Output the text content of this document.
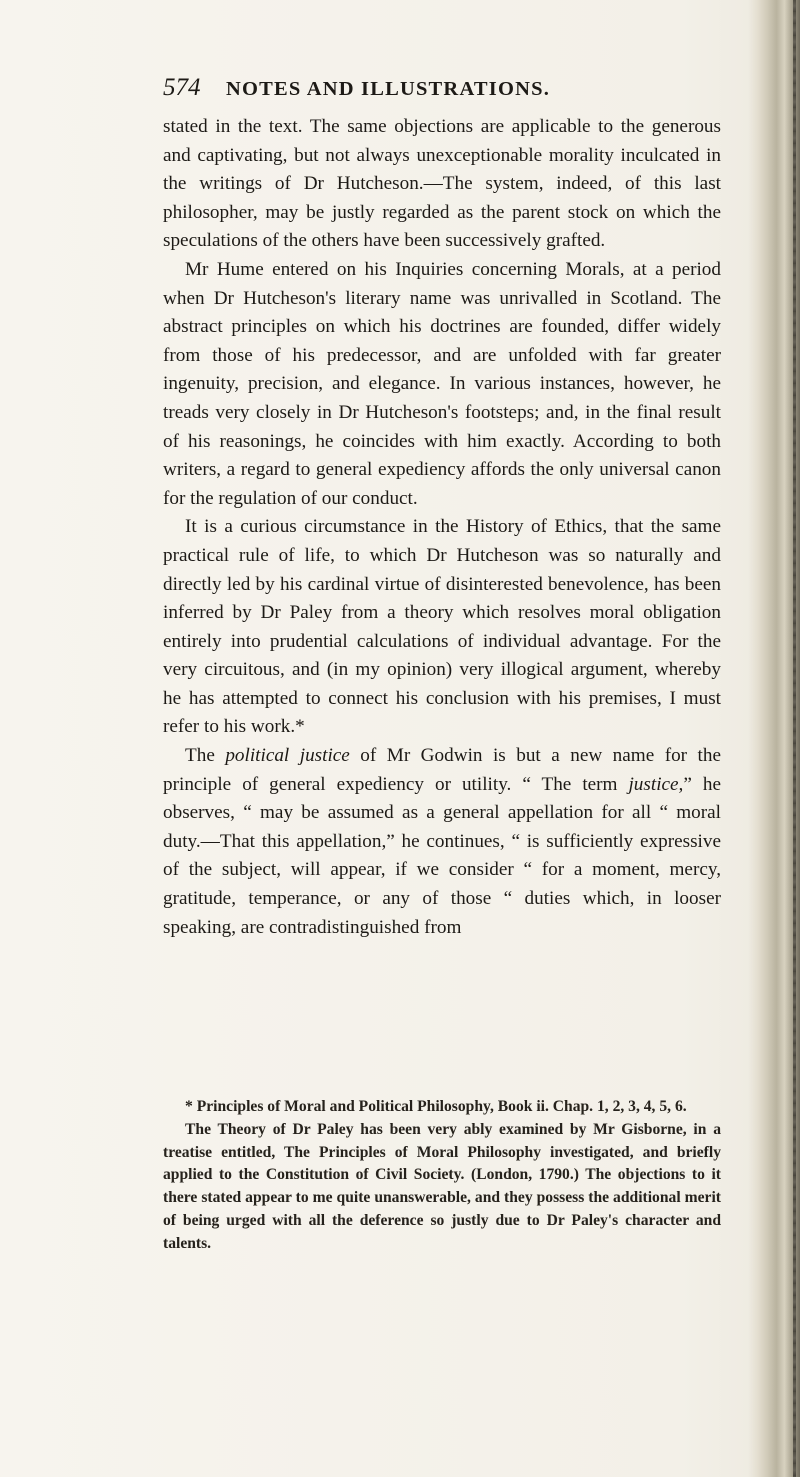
574 NOTES AND ILLUSTRATIONS.

stated in the text. The same objections are applicable to the generous and captivating, but not always unexceptionable morality inculcated in the writings of Dr Hutcheson.—The system, indeed, of this last philosopher, may be justly regarded as the parent stock on which the speculations of the others have been successively grafted.

Mr Hume entered on his Inquiries concerning Morals, at a period when Dr Hutcheson's literary name was unrivalled in Scotland. The abstract principles on which his doctrines are founded, differ widely from those of his predecessor, and are unfolded with far greater ingenuity, precision, and elegance. In various instances, however, he treads very closely in Dr Hutcheson's footsteps; and, in the final result of his reasonings, he coincides with him exactly. According to both writers, a regard to general expediency affords the only universal canon for the regulation of our conduct.

It is a curious circumstance in the History of Ethics, that the same practical rule of life, to which Dr Hutcheson was so naturally and directly led by his cardinal virtue of disinterested benevolence, has been inferred by Dr Paley from a theory which resolves moral obligation entirely into prudential calculations of individual advantage. For the very circuitous, and (in my opinion) very illogical argument, whereby he has attempted to connect his conclusion with his premises, I must refer to his work.*

The political justice of Mr Godwin is but a new name for the principle of general expediency or utility. “ The term justice,” he observes, “ may be assumed as a general appellation for all “ moral duty.—That this appellation,” he continues, “ is sufficiently expressive of the subject, will appear, if we consider “ for a moment, mercy, gratitude, temperance, or any of those “ duties which, in looser speaking, are contradistinguished from

* Principles of Moral and Political Philosophy, Book ii. Chap. 1, 2, 3, 4, 5, 6.

The Theory of Dr Paley has been very ably examined by Mr Gisborne, in a treatise entitled, The Principles of Moral Philosophy investigated, and briefly applied to the Constitution of Civil Society. (London, 1790.) The objections to it there stated appear to me quite unanswerable, and they possess the additional merit of being urged with all the deference so justly due to Dr Paley's character and talents.
